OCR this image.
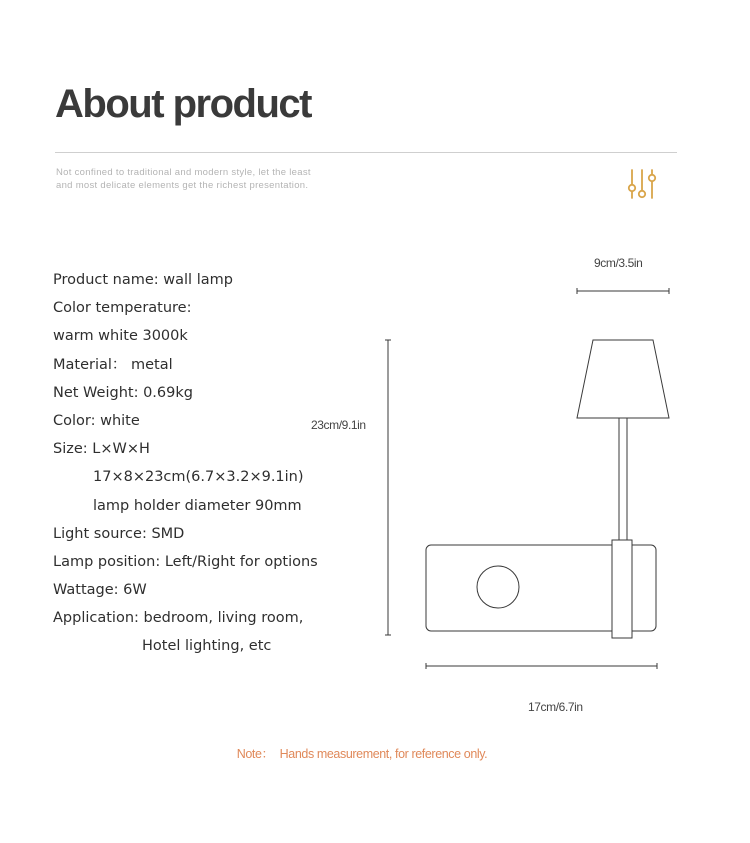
About product
Not confined to traditional and modern style, let the least and most delicate elements get the richest presentation.
Product name: wall lamp
Color temperature:
warm white 3000k
Material： metal
Net Weight: 0.69kg
Color: white
Size: L×W×H
17×8×23cm(6.7×3.2×9.1in)
lamp holder diameter 90mm
Light source: SMD
Lamp position: Left/Right for options
Wattage: 6W
Application: bedroom, living room,
Hotel lighting, etc
9cm/3.5in
23cm/9.1in
17cm/6.7in
Note： Hands measurement, for reference only.
